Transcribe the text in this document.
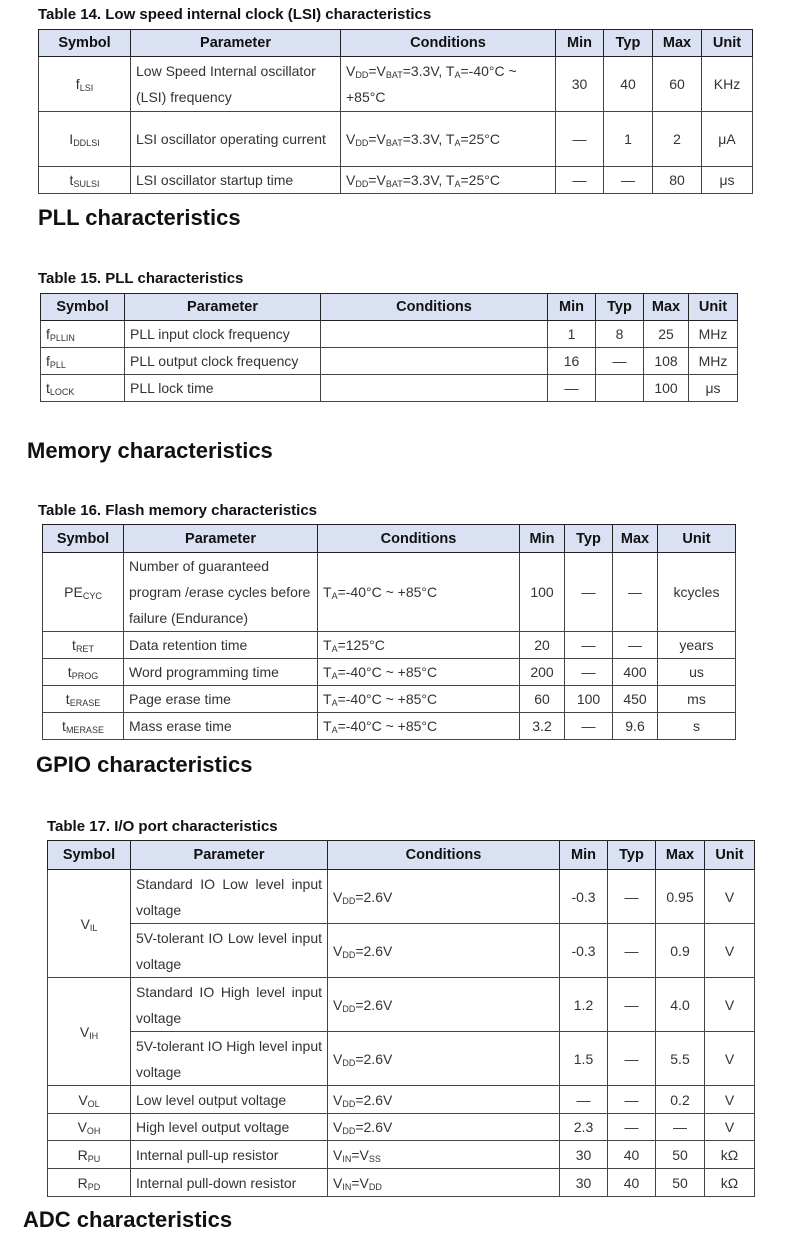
Table 14. Low speed internal clock (LSI) characteristics
Symbol	Parameter	Conditions	Min	Typ	Max	Unit
$f_{LSI}$	Low Speed Internal oscillator (LSI) frequency	$V_{DD}=V_{BAT}=3.3V$, $T_A=-40^\circ C$ ~ +85°C	30	40	60	KHz
$I_{DDLSI}$	LSI oscillator operating current	$V_{DD}=V_{BAT}=3.3V$, $T_A=25^\circ C$	—	1	2	μA
$t_{SULSI}$	LSI oscillator startup time	$V_{DD}=V_{BAT}=3.3V$, $T_A=25^\circ C$	—	—	80	μs
PLL characteristics
Table 15. PLL characteristics
Symbol	Parameter	Conditions	Min	Typ	Max	Unit
$f_{PLLIN}$	PLL input clock frequency		1	8	25	MHz
$f_{PLL}$	PLL output clock frequency		16	—	108	MHz
$t_{LOCK}$	PLL lock time		—		100	μs
Memory characteristics
Table 16. Flash memory characteristics
Symbol	Parameter	Conditions	Min	Typ	Max	Unit
$PE_{CYC}$	Number of guaranteed program /erase cycles before failure (Endurance)	$T_A=-40^\circ C$ ~ +85°C	100	—	—	kcycles
$t_{RET}$	Data retention time	$T_A=125^\circ C$	20	—	—	years
$t_{PROG}$	Word programming time	$T_A=-40^\circ C$ ~ +85°C	200	—	400	us
$t_{ERASE}$	Page erase time	$T_A=-40^\circ C$ ~ +85°C	60	100	450	ms
$t_{MERASE}$	Mass erase time	$T_A=-40^\circ C$ ~ +85°C	3.2	—	9.6	s
GPIO characteristics
Table 17. I/O port characteristics
Symbol	Parameter	Conditions	Min	Typ	Max	Unit
$V_{IL}$	Standard IO Low level input voltage	$V_{DD}=2.6V$	-0.3	—	0.95	V
	5V-tolerant IO Low level input voltage	$V_{DD}=2.6V$	-0.3	—	0.9	V
$V_{IH}$	Standard IO High level input voltage	$V_{DD}=2.6V$	1.2	—	4.0	V
	5V-tolerant IO High level input voltage	$V_{DD}=2.6V$	1.5	—	5.5	V
$V_{OL}$	Low level output voltage	$V_{DD}=2.6V$	—	—	0.2	V
$V_{OH}$	High level output voltage	$V_{DD}=2.6V$	2.3	—	—	V
$R_{PU}$	Internal pull-up resistor	$V_{IN}=V_{SS}$	30	40	50	kΩ
$R_{PD}$	Internal pull-down resistor	$V_{IN}=V_{DD}$	30	40	50	kΩ
ADC characteristics
